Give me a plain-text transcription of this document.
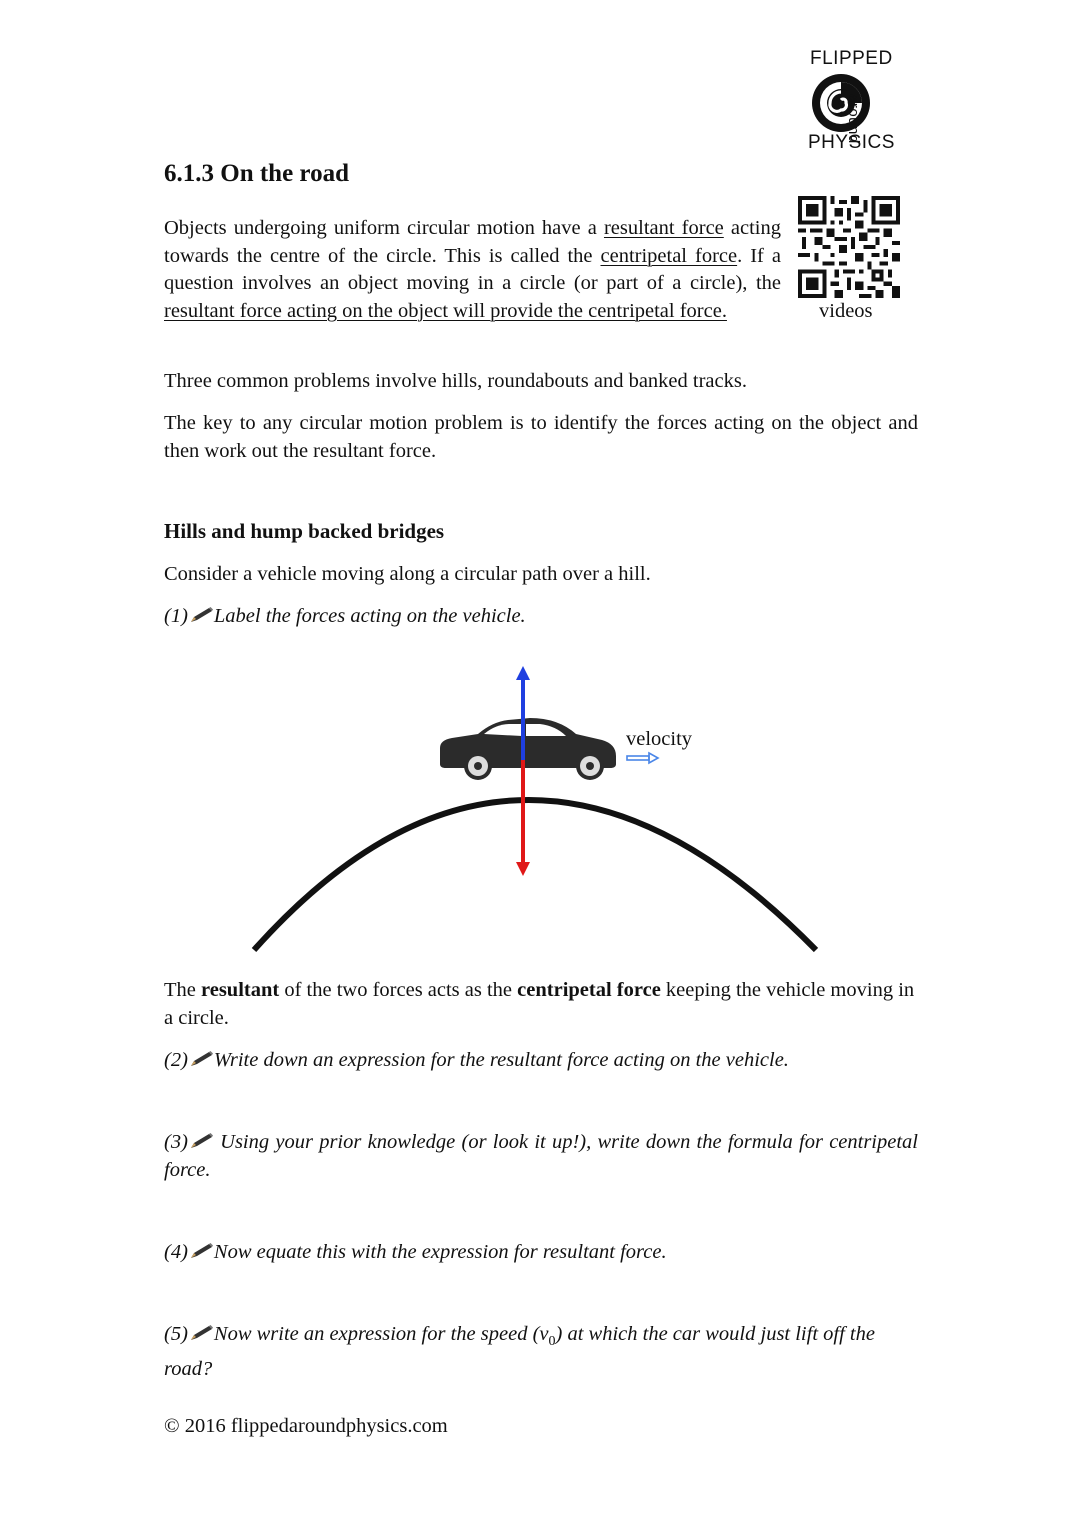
FLIPPED
around
PHYSICS
6.1.3 On the road
videos

Objects undergoing uniform circular motion have a resultant force acting towards the centre of the circle. This is called the centripetal force. If a question involves an object moving in a circle (or part of a circle), the resultant force acting on the object will provide the centripetal force.

Three common problems involve hills, roundabouts and banked tracks.

The key to any circular motion problem is to identify the forces acting on the object and then work out the resultant force.

Hills and hump backed bridges

Consider a vehicle moving along a circular path over a hill.

(1) Label the forces acting on the vehicle.

velocity

The resultant of the two forces acts as the centripetal force keeping the vehicle moving in a circle.

(2) Write down an expression for the resultant force acting on the vehicle.

(3) Using your prior knowledge (or look it up!), write down the formula for centripetal force.

(4) Now equate this with the expression for resultant force.

(5) Now write an expression for the speed $(v_0)$ at which the car would just lift off the road?

© 2016 flippedaroundphysics.com
